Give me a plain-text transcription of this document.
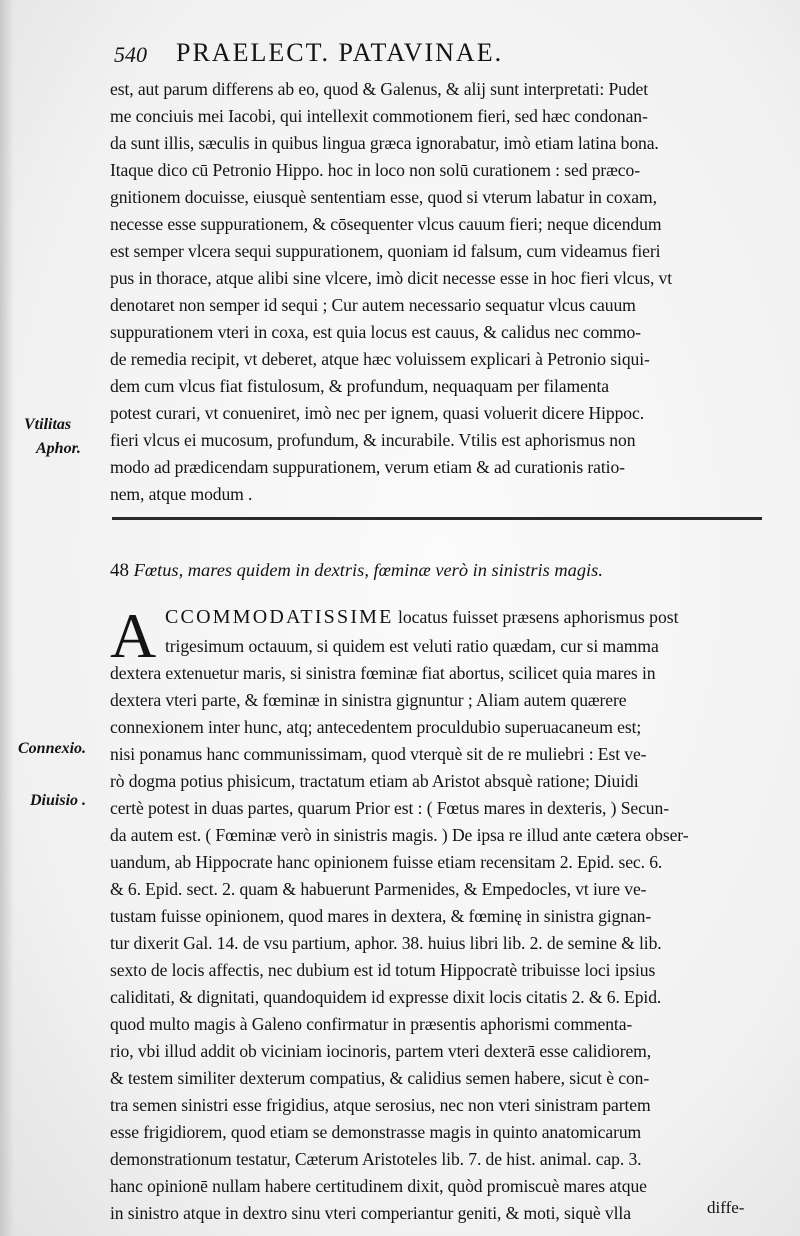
540 PRAELECT. PATAVINAE.
est, aut parum differens ab eo, quod & Galenus, & alij sunt interpretati: Pudet
me conciuis mei Iacobi, qui intellexit commotionem fieri, sed hæc condonan-
da sunt illis, sæculis in quibus lingua græca ignorabatur, imò etiam latina bona.
Itaque dico cū Petronio Hippo. hoc in loco non solū curationem : sed præco-
gnitionem docuisse, eiusquè sententiam esse, quod si vterum labatur in coxam,
necesse esse suppurationem, & cōsequenter vlcus cauum fieri; neque dicendum
est semper vlcera sequi suppurationem, quoniam id falsum, cum videamus fieri
pus in thorace, atque alibi sine vlcere, imò dicit necesse esse in hoc fieri vlcus, vt
denotaret non semper id sequi ; Cur autem necessario sequatur vlcus cauum
suppurationem vteri in coxa, est quia locus est cauus, & calidus nec commo-
de remedia recipit, vt deberet, atque hæc voluissem explicari à Petronio siqui-
dem cum vlcus fiat fistulosum, & profundum, nequaquam per filamenta
potest curari, vt conueniret, imò nec per ignem, quasi voluerit dicere Hippoc.
fieri vlcus ei mucosum, profundum, & incurabile. Vtilis est aphorismus non
modo ad prædicendam suppurationem, verum etiam & ad curationis ratio-
nem, atque modum .
Vtilitas
Aphor.
48 Fœtus, mares quidem in dextris, fœminæ verò in sinistris magis.
A CCOMMODATISSIME locatus fuisset præsens aphorismus post
trigesimum octauum, si quidem est veluti ratio quædam, cur si mamma
dextera extenuetur maris, si sinistra fœminæ fiat abortus, scilicet quia mares in
dextera vteri parte, & fœminæ in sinistra gignuntur ; Aliam autem quærere
connexionem inter hunc, atq; antecedentem proculdubio superuacaneum est;
nisi ponamus hanc communissimam, quod vterquè sit de re muliebri : Est ve-
rò dogma potius phisicum, tractatum etiam ab Aristot absquè ratione; Diuidi
certè potest in duas partes, quarum Prior est : ( Fœtus mares in dexteris, ) Secun-
da autem est. ( Fœminæ verò in sinistris magis. ) De ipsa re illud ante cætera obser-
uandum, ab Hippocrate hanc opinionem fuisse etiam recensitam 2. Epid. sec. 6.
& 6. Epid. sect. 2. quam & habuerunt Parmenides, & Empedocles, vt iure ve-
tustam fuisse opinionem, quod mares in dextera, & fœminę in sinistra gignan-
tur dixerit Gal. 14. de vsu partium, aphor. 38. huius libri lib. 2. de semine & lib.
sexto de locis affectis, nec dubium est id totum Hippocratè tribuisse loci ipsius
caliditati, & dignitati, quandoquidem id expresse dixit locis citatis 2. & 6. Epid.
quod multo magis à Galeno confirmatur in præsentis aphorismi commenta-
rio, vbi illud addit ob viciniam iocinoris, partem vteri dexterā esse calidiorem,
& testem similiter dexterum compatius, & calidius semen habere, sicut è con-
tra semen sinistri esse frigidius, atque serosius, nec non vteri sinistram partem
esse frigidiorem, quod etiam se demonstrasse magis in quinto anatomicarum
demonstrationum testatur, Cæterum Aristoteles lib. 7. de hist. animal. cap. 3.
hanc opinionē nullam habere certitudinem dixit, quòd promiscuè mares atque
in sinistro atque in dextro sinu vteri comperiantur geniti, & moti, siquè vlla
Connexio.
Diuisio .
diffe-
